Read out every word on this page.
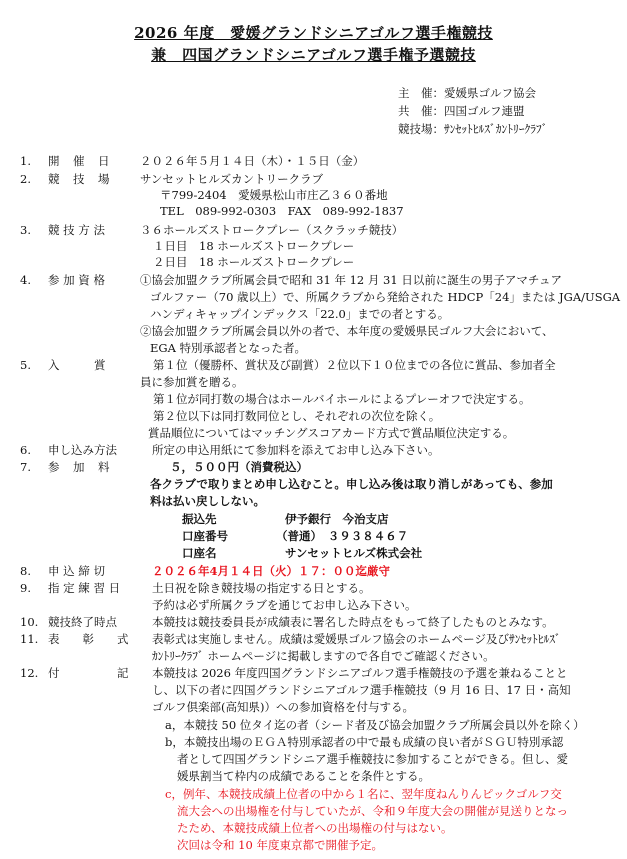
2026 年度　愛媛グランドシニアゴルフ選手権競技
兼　四国グランドシニアゴルフ選手権予選競技
主　催：愛媛県ゴルフ協会
共　催：四国ゴルフ連盟
競技場：ｻﾝｾｯﾄﾋﾙｽﾞｶﾝﾄﾘｰｸﾗﾌﾞ
1.	開　催　日	２０２６年５月１４日（木）・１５日（金）
2.	競　技　場	サンセットヒルズカントリークラブ
〒799-2404　愛媛県松山市庄乙３６０番地
TEL　089-992-0303　FAX　089-992-1837
3.	競 技 方 法	３６ホールズストロークプレー（スクラッチ競技）
１日目　18 ホールズストロークプレー
２日目　18 ホールズストロークプレー
4.	参 加 資 格	①協会加盟クラブ所属会員で昭和 31 年 12 月 31 日以前に誕生の男子アマチュア
ゴルファー（70 歳以上）で、所属クラブから発給された HDCP「24」または JGA/USGA
ハンディキャップインデックス「22.0」までの者とする。
②協会加盟クラブ所属会員以外の者で、本年度の愛媛県民ゴルフ大会において、
EGA 特別承認者となった者。
5.	入　　　賞	第１位（優勝杯、賞状及び副賞）２位以下１０位までの各位に賞品、参加者全
員に参加賞を贈る。
第１位が同打数の場合はホールバイホールによるプレーオフで決定する。
第２位以下は同打数同位とし、それぞれの次位を除く。
賞品順位についてはマッチングスコアカード方式で賞品順位決定する。
6.	申し込み方法	所定の申込用紙にて参加料を添えてお申し込み下さい。
7.	参　加　料	５，５００円（消費税込）
各クラブで取りまとめ申し込むこと。申し込み後は取り消しがあっても、参加
料は払い戻ししない。
振込先	伊予銀行　今治支店
口座番号	（普通）　３９３８４６７
口座名	サンセットヒルズ株式会社
8.	申 込 締 切	２０２６年4月１４日（火）１７：００迄厳守
9.	指 定 練 習 日	土日祝を除き競技場の指定する日とする。
予約は必ず所属クラブを通じてお申し込み下さい。
10. 競技終了時点	本競技は競技委員長が成績表に署名した時点をもって終了したものとみなす。
11. 表　　彰　　式	表彰式は実施しません。成績は愛媛県ゴルフ協会のホームページ及びｻﾝｾｯﾄﾋﾙｽﾞ
ｶﾝﾄﾘｰｸﾗﾌﾞ ホームページに掲載しますので各自でご確認ください。
12. 付　　　　　記	本競技は 2026 年度四国グランドシニアゴルフ選手権競技の予選を兼ねることと
し、以下の者に四国グランドシニアゴルフ選手権競技（9 月 16 日、17 日・高知
ゴルフ倶楽部(高知県)）への参加資格を付与する。
a，本競技 50 位タイ迄の者（シード者及び協会加盟クラブ所属会員以外を除く）
b，本競技出場のＥＧＡ特別承認者の中で最も成績の良い者がＳＧＵ特別承認
者として四国グランドシニア選手権競技に参加することができる。但し、愛
媛県割当て枠内の成績であることを条件とする。
c，例年、本競技成績上位者の中から１名に、翌年度ねんりんピックゴルフ交
流大会への出場権を付与していたが、令和９年度大会の開催が見送りとなっ
たため、本競技成績上位者への出場権の付与はない。
次回は令和 10 年度東京都で開催予定。
